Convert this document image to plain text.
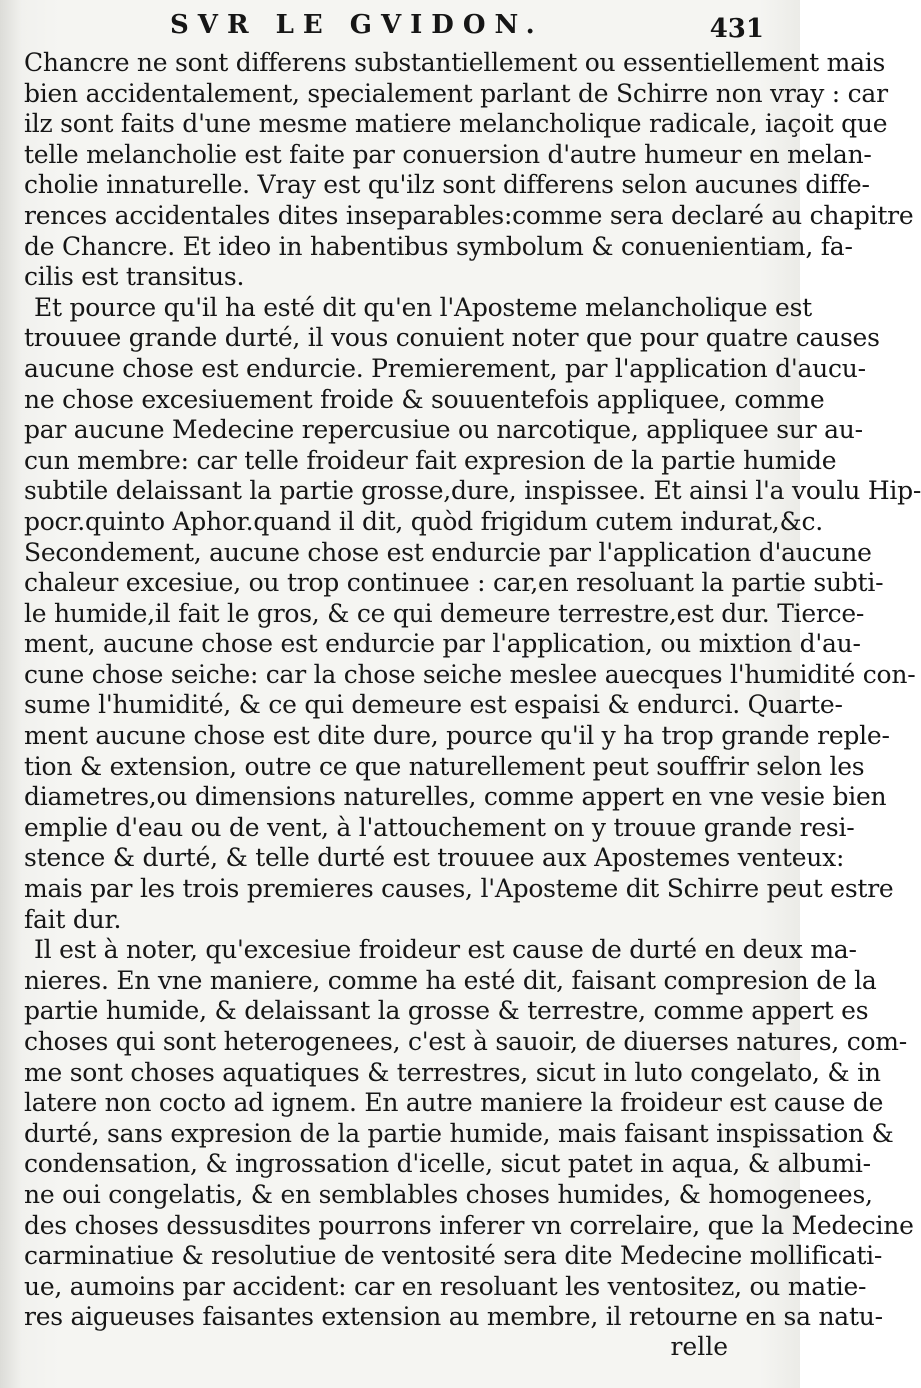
SVR LE GVIDON.	431
Chancre ne sont differens substantiellement ou essentiellement mais
bien accidentalement, specialement parlant de Schirre non vray : car
ilz sont faits d'une mesme matiere melancholique radicale, iaçoit que
telle melancholie est faite par conuersion d'autre humeur en melan-
cholie innaturelle. Vray est qu'ilz sont differens selon aucunes diffe-
rences accidentales dites inseparables:comme sera declaré au chapitre
de Chancre. Et ideo in habentibus symbolum & conuenientiam, fa-
cilis est transitus.
Et pource qu'il ha esté dit qu'en l'Aposteme melancholique est
trouuee grande durté, il vous conuient noter que pour quatre causes
aucune chose est endurcie. Premierement, par l'application d'aucu-
ne chose excesiuement froide & souuentefois appliquee, comme
par aucune Medecine repercusiue ou narcotique, appliquee sur au-
cun membre: car telle froideur fait expresion de la partie humide
subtile delaissant la partie grosse,dure, inspissee. Et ainsi l'a voulu Hip-
pocr.quinto Aphor.quand il dit, quòd frigidum cutem indurat,&c.
Secondement, aucune chose est endurcie par l'application d'aucune
chaleur excesiue, ou trop continuee : car,en resoluant la partie subti-
le humide,il fait le gros, & ce qui demeure terrestre,est dur. Tierce-
ment, aucune chose est endurcie par l'application, ou mixtion d'au-
cune chose seiche: car la chose seiche meslee auecques l'humidité con-
sume l'humidité, & ce qui demeure est espaisi & endurci. Quarte-
ment aucune chose est dite dure, pource qu'il y ha trop grande reple-
tion & extension, outre ce que naturellement peut souffrir selon les
diametres,ou dimensions naturelles, comme appert en vne vesie bien
emplie d'eau ou de vent, à l'attouchement on y trouue grande resi-
stence & durté, & telle durté est trouuee aux Apostemes venteux:
mais par les trois premieres causes, l'Aposteme dit Schirre peut estre
fait dur.
Il est à noter, qu'excesiue froideur est cause de durté en deux ma-
nieres. En vne maniere, comme ha esté dit, faisant compresion de la
partie humide, & delaissant la grosse & terrestre, comme appert es
choses qui sont heterogenees, c'est à sauoir, de diuerses natures, com-
me sont choses aquatiques & terrestres, sicut in luto congelato, & in
latere non cocto ad ignem. En autre maniere la froideur est cause de
durté, sans expresion de la partie humide, mais faisant inspissation &
condensation, & ingrossation d'icelle, sicut patet in aqua, & albumi-
ne oui congelatis, & en semblables choses humides, & homogenees,
des choses dessusdites pourrons inferer vn correlaire, que la Medecine
carminatiue & resolutiue de ventosité sera dite Medecine mollificati-
ue, aumoins par accident: car en resoluant les ventositez, ou matie-
res aigueuses faisantes extension au membre, il retourne en sa natu-
relle
